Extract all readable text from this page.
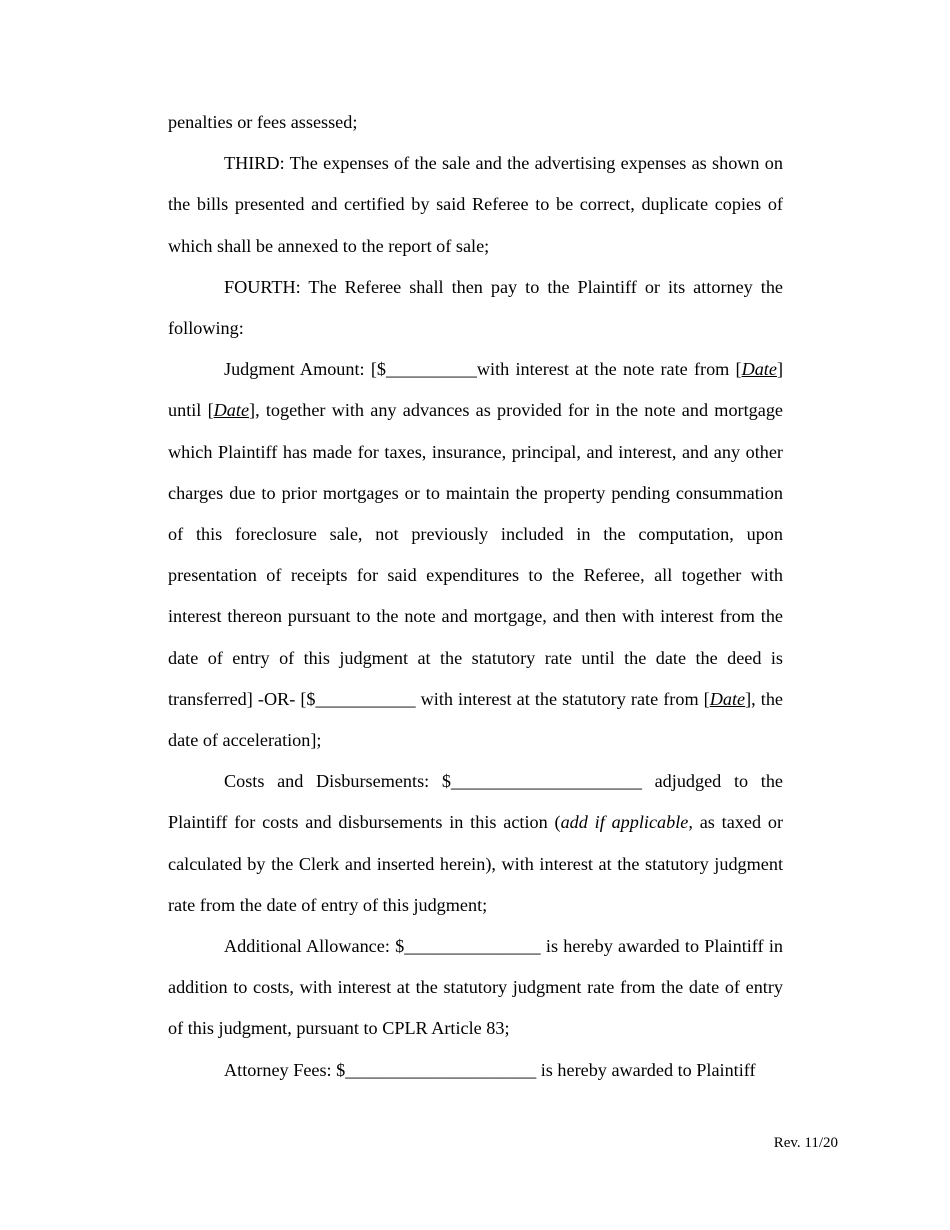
penalties or fees assessed;

THIRD: The expenses of the sale and the advertising expenses as shown on the bills presented and certified by said Referee to be correct, duplicate copies of which shall be annexed to the report of sale;

FOURTH: The Referee shall then pay to the Plaintiff or its attorney the following:

Judgment Amount: [$__________with interest at the note rate from [Date] until [Date], together with any advances as provided for in the note and mortgage which Plaintiff has made for taxes, insurance, principal, and interest, and any other charges due to prior mortgages or to maintain the property pending consummation of this foreclosure sale, not previously included in the computation, upon presentation of receipts for said expenditures to the Referee, all together with interest thereon pursuant to the note and mortgage, and then with interest from the date of entry of this judgment at the statutory rate until the date the deed is transferred] -OR- [$___________ with interest at the statutory rate from [Date], the date of acceleration];

Costs and Disbursements: $_____________________ adjudged to the Plaintiff for costs and disbursements in this action (add if applicable, as taxed or calculated by the Clerk and inserted herein), with interest at the statutory judgment rate from the date of entry of this judgment;

Additional Allowance: $_______________ is hereby awarded to Plaintiff in addition to costs, with interest at the statutory judgment rate from the date of entry of this judgment, pursuant to CPLR Article 83;

Attorney Fees: $_____________________ is hereby awarded to Plaintiff

Rev. 11/20
